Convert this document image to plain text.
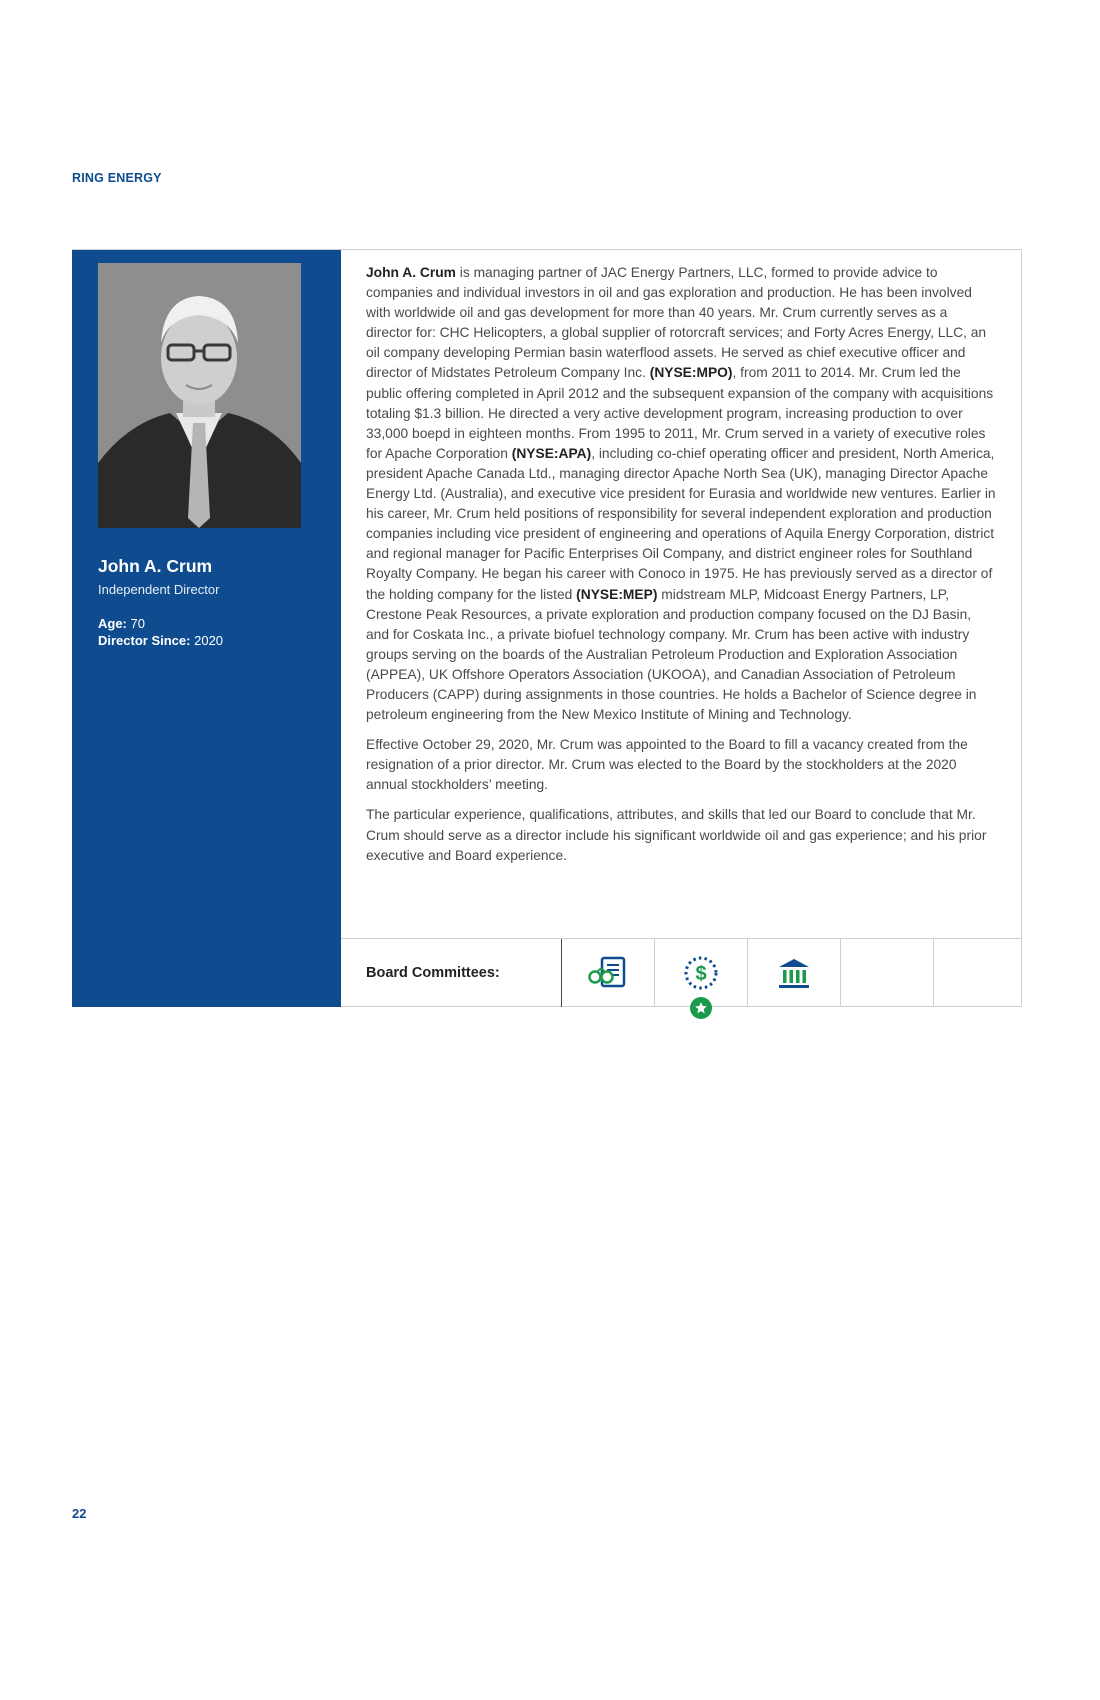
RING ENERGY
John A. Crum
Independent Director
Age: 70
Director Since: 2020

John A. Crum is managing partner of JAC Energy Partners, LLC, formed to provide advice to companies and individual investors in oil and gas exploration and production. He has been involved with worldwide oil and gas development for more than 40 years. Mr. Crum currently serves as a director for: CHC Helicopters, a global supplier of rotorcraft services; and Forty Acres Energy, LLC, an oil company developing Permian basin waterflood assets. He served as chief executive officer and director of Midstates Petroleum Company Inc. (NYSE:MPO), from 2011 to 2014. Mr. Crum led the public offering completed in April 2012 and the subsequent expansion of the company with acquisitions totaling $1.3 billion. He directed a very active development program, increasing production to over 33,000 boepd in eighteen months. From 1995 to 2011, Mr. Crum served in a variety of executive roles for Apache Corporation (NYSE:APA), including co-chief operating officer and president, North America, president Apache Canada Ltd., managing director Apache North Sea (UK), managing Director Apache Energy Ltd. (Australia), and executive vice president for Eurasia and worldwide new ventures. Earlier in his career, Mr. Crum held positions of responsibility for several independent exploration and production companies including vice president of engineering and operations of Aquila Energy Corporation, district and regional manager for Pacific Enterprises Oil Company, and district engineer roles for Southland Royalty Company. He began his career with Conoco in 1975. He has previously served as a director of the holding company for the listed (NYSE:MEP) midstream MLP, Midcoast Energy Partners, LP, Crestone Peak Resources, a private exploration and production company focused on the DJ Basin, and for Coskata Inc., a private biofuel technology company. Mr. Crum has been active with industry groups serving on the boards of the Australian Petroleum Production and Exploration Association (APPEA), UK Offshore Operators Association (UKOOA), and Canadian Association of Petroleum Producers (CAPP) during assignments in those countries. He holds a Bachelor of Science degree in petroleum engineering from the New Mexico Institute of Mining and Technology.

Effective October 29, 2020, Mr. Crum was appointed to the Board to fill a vacancy created from the resignation of a prior director. Mr. Crum was elected to the Board by the stockholders at the 2020 annual stockholders’ meeting.

The particular experience, qualifications, attributes, and skills that led our Board to conclude that Mr. Crum should serve as a director include his significant worldwide oil and gas experience; and his prior executive and Board experience.

Board Committees:	$
22
